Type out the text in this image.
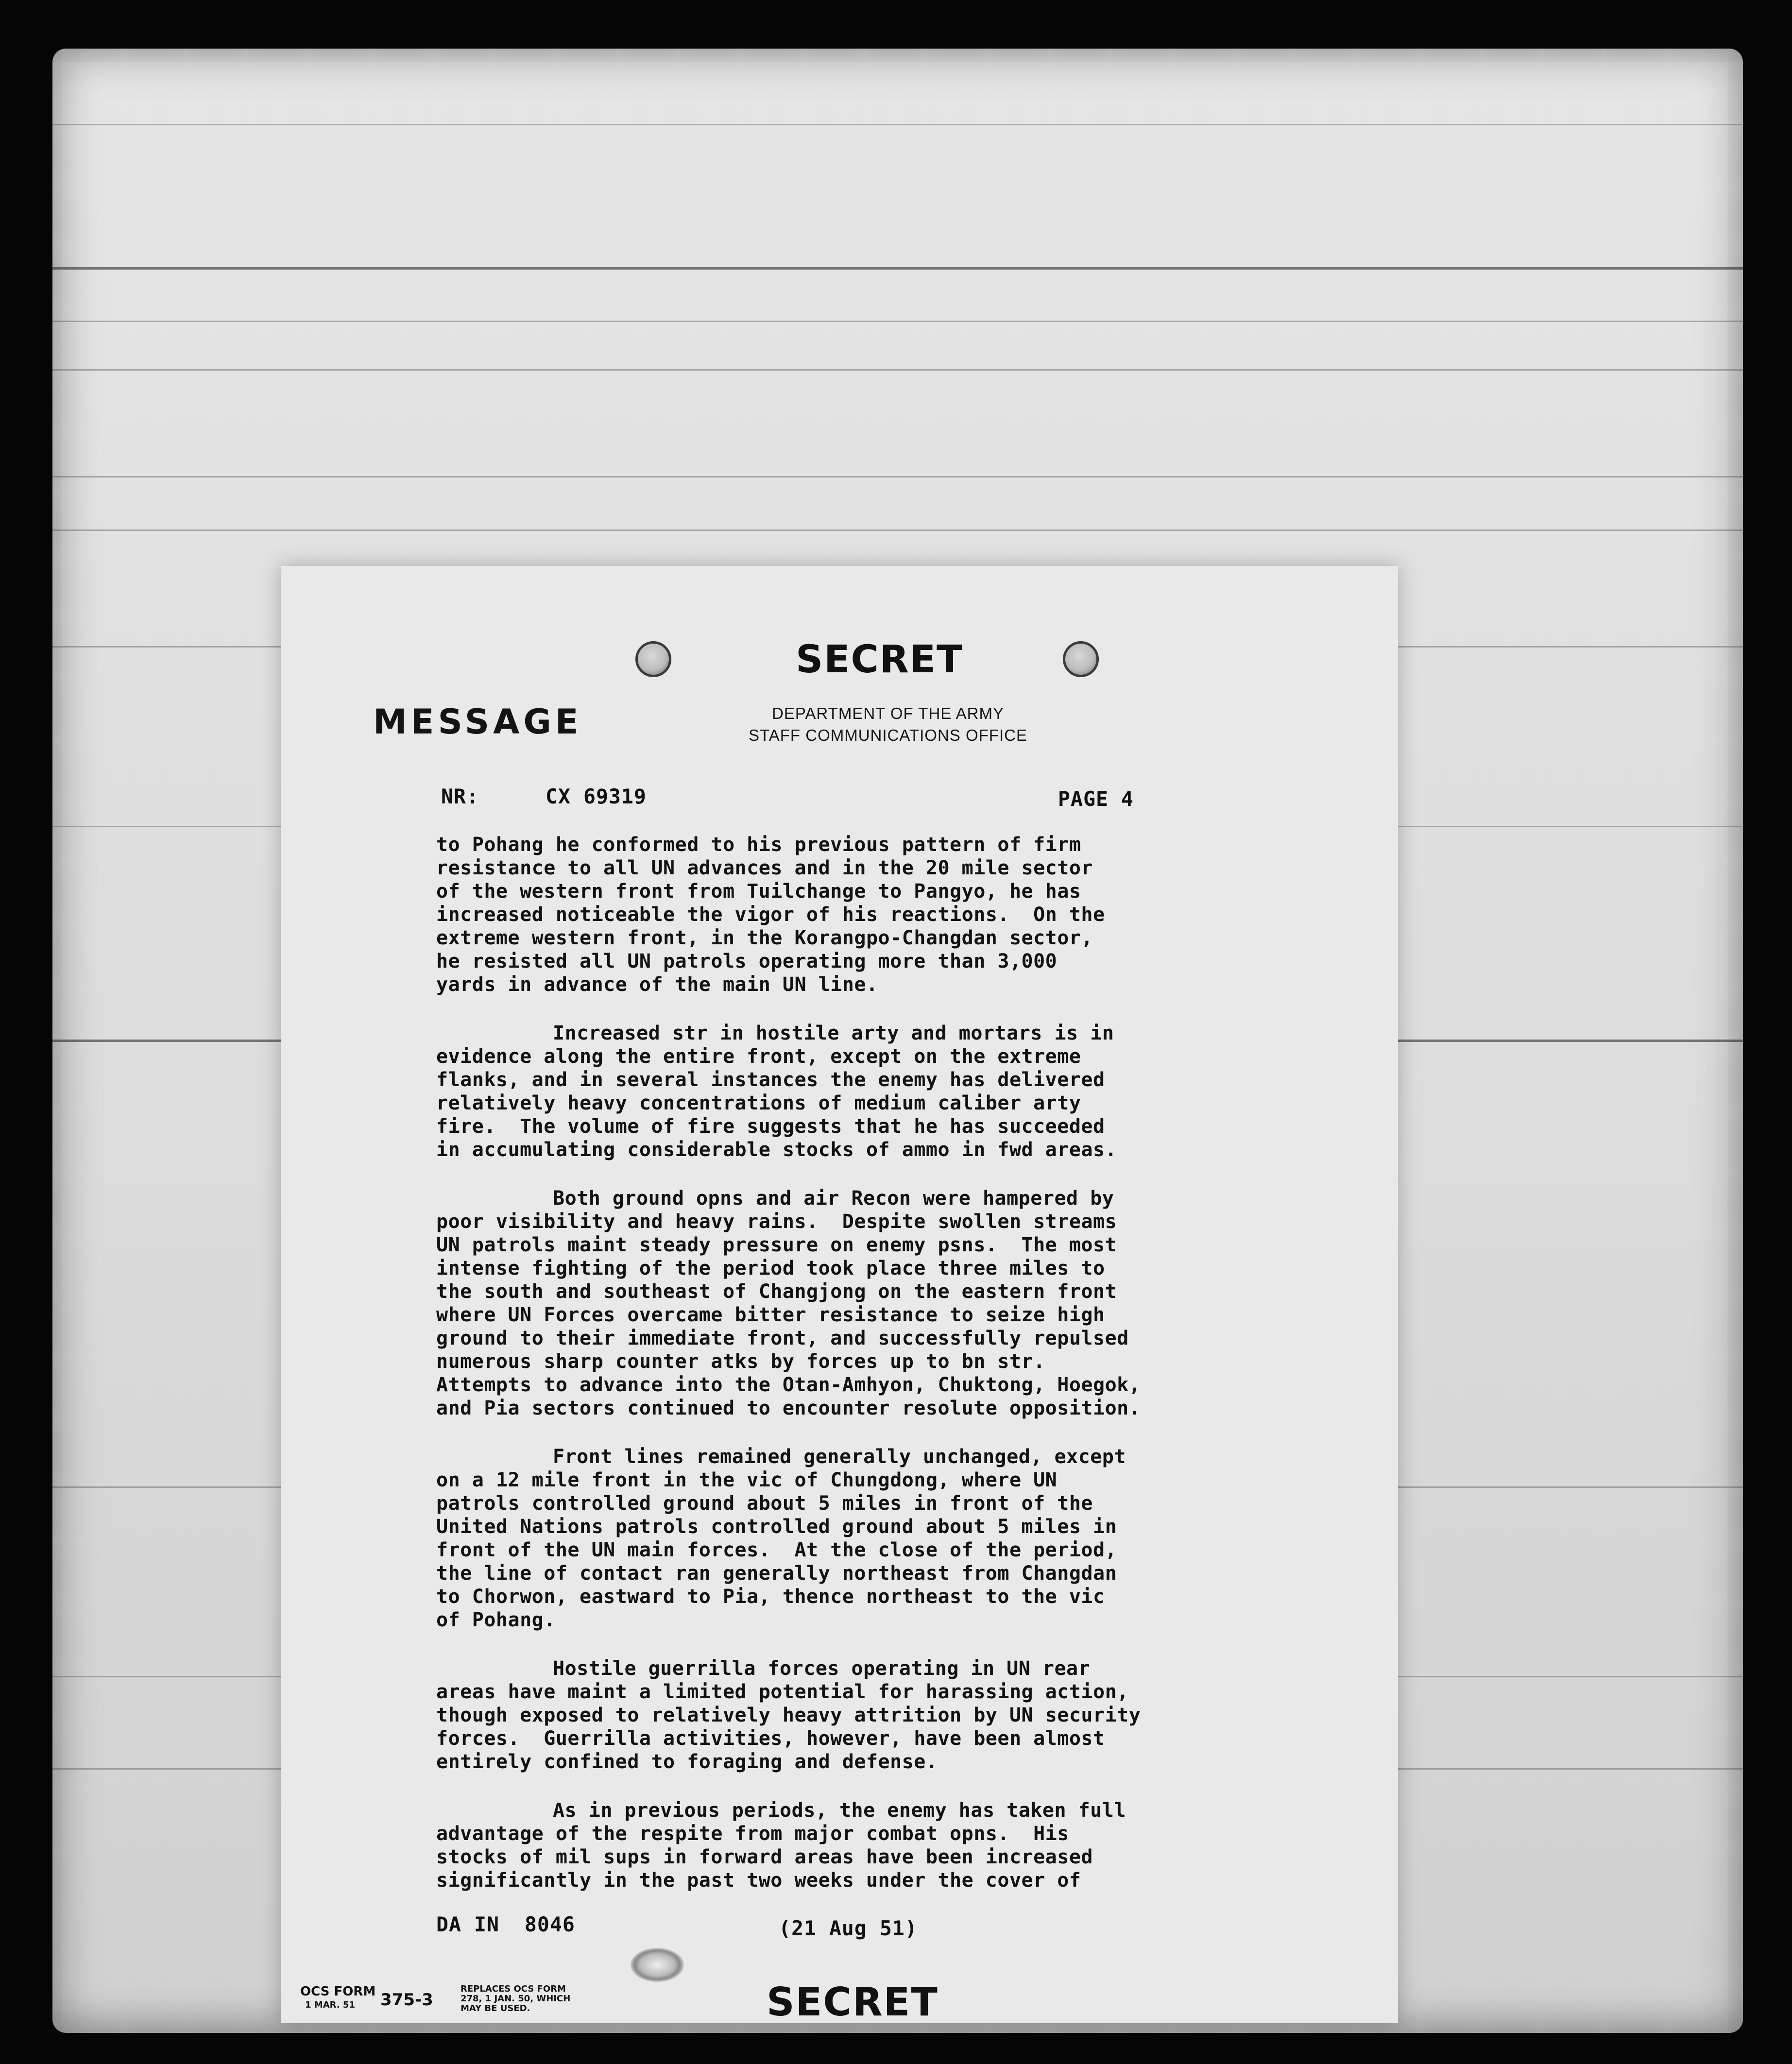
SECRET
MESSAGE	DEPARTMENT OF THE ARMY
STAFF COMMUNICATIONS OFFICE
NR:	CX 69319	PAGE 4
to Pohang he conformed to his previous pattern of firm
resistance to all UN advances and in the 20 mile sector
of the western front from Tuilchange to Pangyo, he has
increased noticeable the vigor of his reactions.  On the
extreme western front, in the Korangpo-Changdan sector,
he resisted all UN patrols operating more than 3,000
yards in advance of the main UN line.
Increased str in hostile arty and mortars is in
evidence along the entire front, except on the extreme
flanks, and in several instances the enemy has delivered
relatively heavy concentrations of medium caliber arty
fire.  The volume of fire suggests that he has succeeded
in accumulating considerable stocks of ammo in fwd areas.
Both ground opns and air Recon were hampered by
poor visibility and heavy rains.  Despite swollen streams
UN patrols maint steady pressure on enemy psns.  The most
intense fighting of the period took place three miles to
the south and southeast of Changjong on the eastern front
where UN Forces overcame bitter resistance to seize high
ground to their immediate front, and successfully repulsed
numerous sharp counter atks by forces up to bn str.
Attempts to advance into the Otan-Amhyon, Chuktong, Hoegok,
and Pia sectors continued to encounter resolute opposition.
Front lines remained generally unchanged, except
on a 12 mile front in the vic of Chungdong, where UN
patrols controlled ground about 5 miles in front of the
United Nations patrols controlled ground about 5 miles in
front of the UN main forces.  At the close of the period,
the line of contact ran generally northeast from Changdan
to Chorwon, eastward to Pia, thence northeast to the vic
of Pohang.
Hostile guerrilla forces operating in UN rear
areas have maint a limited potential for harassing action,
though exposed to relatively heavy attrition by UN security
forces.  Guerrilla activities, however, have been almost
entirely confined to foraging and defense.
As in previous periods, the enemy has taken full
advantage of the respite from major combat opns.  His
stocks of mil sups in forward areas have been increased
significantly in the past two weeks under the cover of
DA IN  8046	(21 Aug 51)
OCS FORM
1 MAR. 51 375-3
REPLACES OCS FORM
278, 1 JAN. 50, WHICH
MAY BE USED.	SECRET
